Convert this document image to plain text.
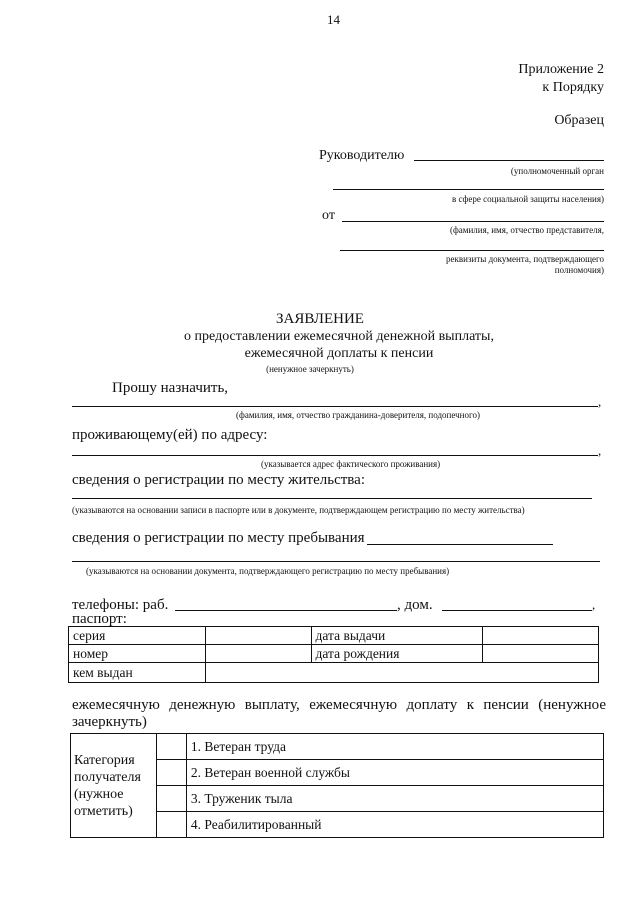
14
Приложение 2
к Порядку
Образец
Руководителю
(уполномоченный орган
в сфере социальной защиты населения)
от
(фамилия, имя, отчество представителя,
реквизиты документа, подтверждающего
полномочия)
ЗАЯВЛЕНИЕ
о предоставлении ежемесячной денежной выплаты,
ежемесячной доплаты к пенсии
(ненужное зачеркнуть)
Прошу назначить,
,
(фамилия, имя, отчество гражданина-доверителя, подопечного)
проживающему(ей) по адресу:
,
(указывается адрес фактического проживания)
сведения о регистрации по месту жительства:
(указываются на основании записи в паспорте или в документе, подтверждающем регистрацию по месту жительства)
сведения о регистрации по месту пребывания
(указываются на основании документа, подтверждающего регистрацию по месту пребывания)
телефоны: раб.	, дом.	,
паспорт:
серия		дата выдачи	
номер		дата рождения	
кем выдан			
ежемесячную денежную выплату, ежемесячную доплату к пенсии (ненужное зачеркнуть)
Категория получателя (нужное отметить)		1. Ветеран труда
		2. Ветеран военной службы
		3. Труженик тыла
		4. Реабилитированный
